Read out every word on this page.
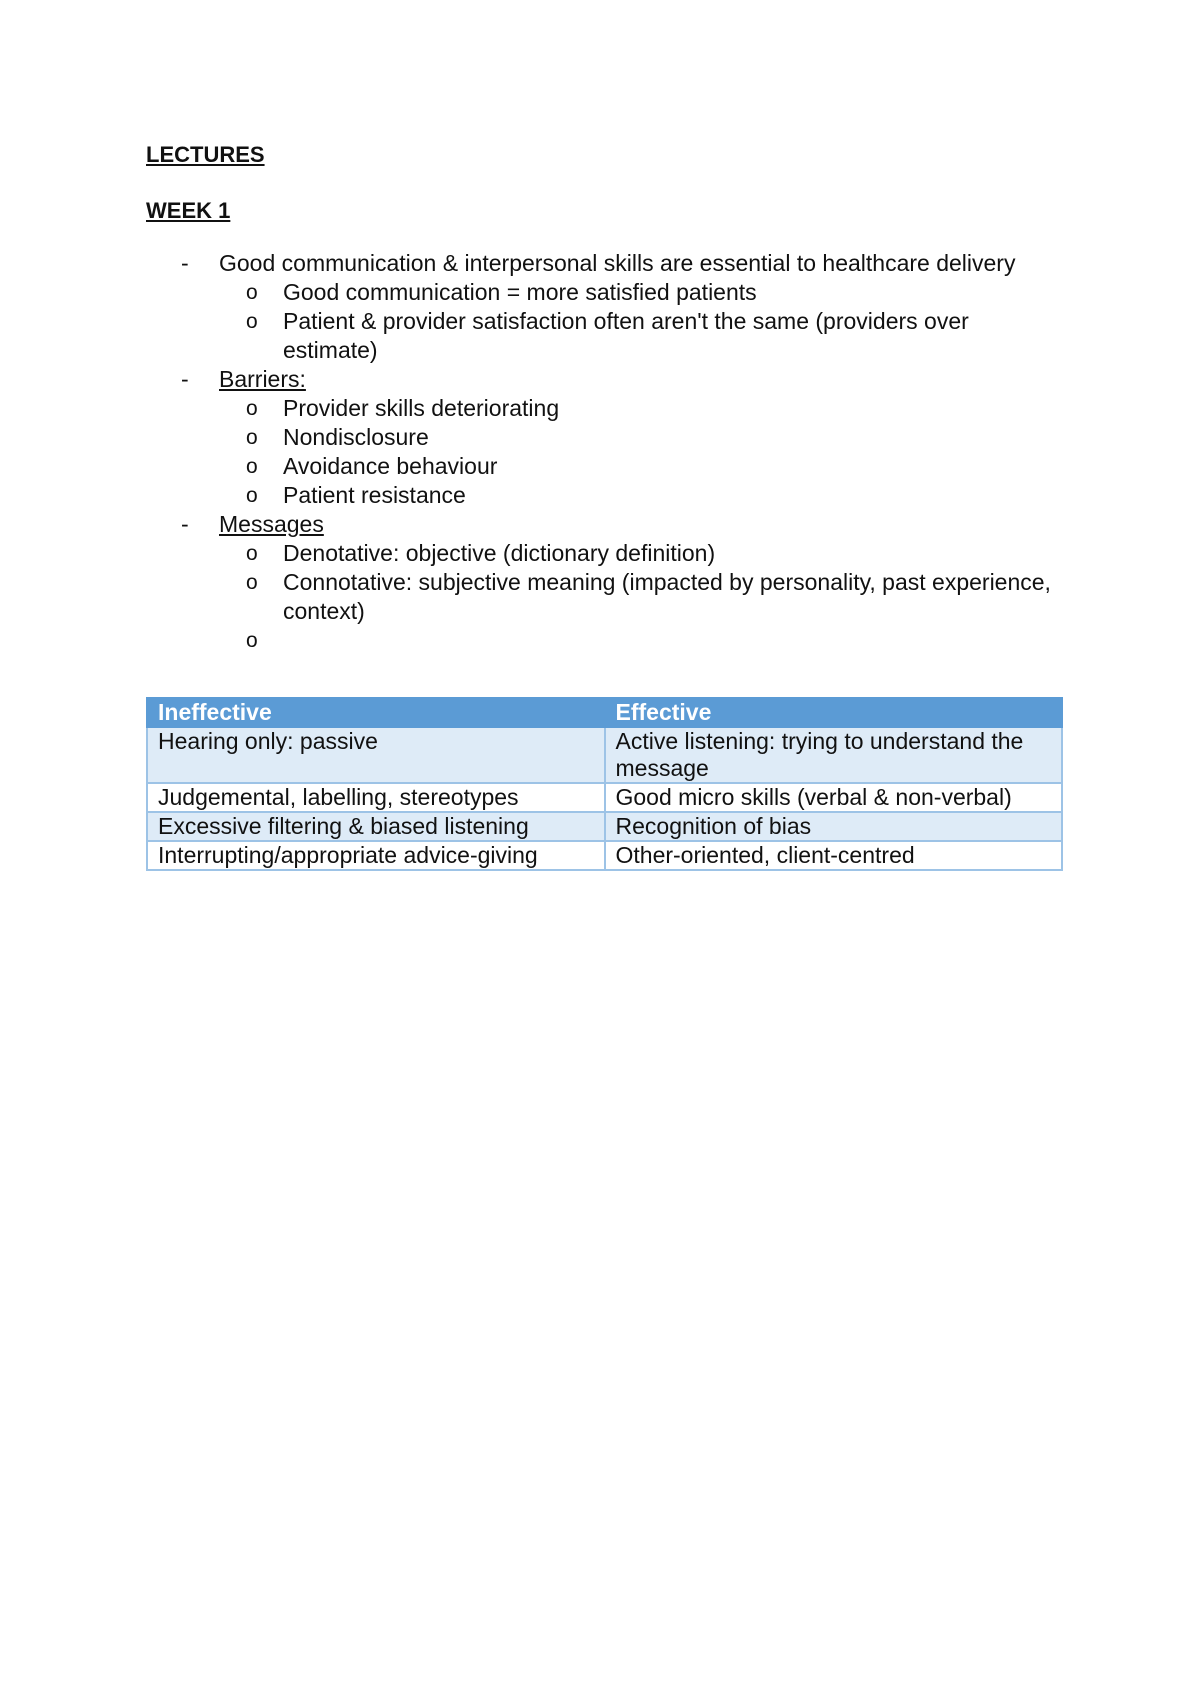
LECTURES

WEEK 1

- Good communication & interpersonal skills are essential to healthcare delivery
o Good communication = more satisfied patients
o Patient & provider satisfaction often aren't the same (providers over estimate)
- Barriers:
o Provider skills deteriorating
o Nondisclosure
o Avoidance behaviour
o Patient resistance
- Messages
o Denotative: objective (dictionary definition)
o Connotative: subjective meaning (impacted by personality, past experience, context)
o
Ineffective	Effective
Hearing only: passive	Active listening: trying to understand the message
Judgemental, labelling, stereotypes	Good micro skills (verbal & non-verbal)
Excessive filtering & biased listening	Recognition of bias
Interrupting/appropriate advice-giving	Other-oriented, client-centred
